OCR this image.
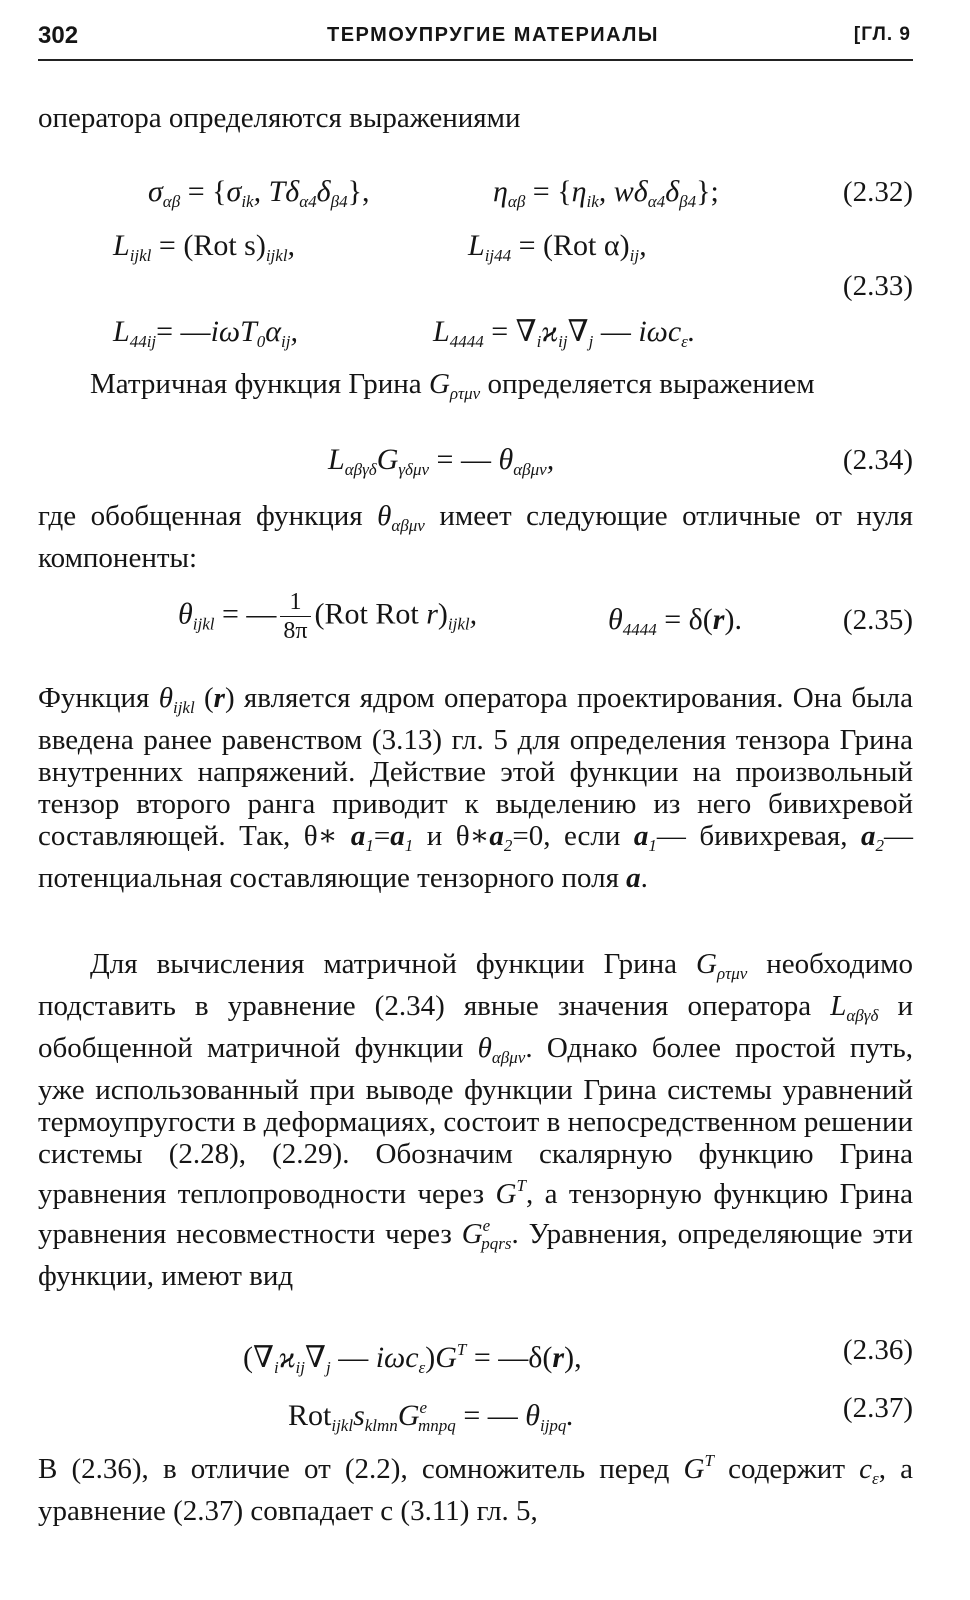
302	ТЕРМОУПРУГИЕ МАТЕРИАЛЫ	[ГЛ. 9

оператора определяются выражениями

$\sigma_{\alpha\beta} = \{\sigma_{ik}$, $T\delta_{\alpha 4}\delta_{\beta 4}$},	$\eta_{\alpha\beta} = \{\eta_{ik}$, $w\delta_{\alpha 4}\delta_{\beta 4}$};	(2.32)
$L_{ijkl} = (Rot$ $s)_{ijkl}$,	$L_{ij44} = (Rot$ $\alpha)_{ij}$,
$L_{44ij}=$ $—i\omega T_0\alpha_{ij}$,	$L_{4444} = \nabla_iϰ_{ij}\nabla_j$ — iωc$_\varepsilon$.
(2.33)

Матричная функция Грина $G_{\rho\tau\mu\nu}$ определяется выражением

$L_{\alpha\beta\gamma\delta}G_{\gamma\delta\mu\nu}$ = — $\theta_{\alpha\beta\mu\nu}$,	(2.34)

где обобщенная функция $\theta_{\alpha\beta\mu\nu}$ имеет следующие отличные от нуля компоненты:

$\theta_{ijkl}$ = — $\frac{1}{8\pi} (Rot$ Rot $r)_{ijkl}$,	$\theta_{4444} = \delta(r)$.	(2.35)

Функция $\theta_{ijkl}$ (r) является ядром оператора проектирования. Она была введена ранее равенством (3.13) гл. 5 для определения тензора Грина внутренних напряжений. Действие этой функции на произвольный тензор второго ранга приводит к выделению из него бивихревой составляющей. Так, θ∗ $a_1=a_1$ и $\theta∗a_2=0$, если $a_1—$ бивихревая, $a_2—$ потенциальная составляющие тензорного поля a.

Для вычисления матричной функции Грина $G_{\rho\tau\mu\nu}$ необходимо подставить в уравнение (2.34) явные значения оператора $L_{\alpha\beta\gamma\delta}$ и обобщенной матричной функции $\theta_{\alpha\beta\mu\nu}$. Однако более простой путь, уже использованный при выводе функции Грина системы уравнений термоупругости в деформациях, состоит в непосредственном решении системы (2.28), (2.29). Обозначим скалярную функцию Грина уравнения теплопроводности через $G^T$, а тензорную функцию Грина уравнения несовместности через $G^e_{pqrs}$. Уравнения, определяющие эти функции, имеют вид

($\nabla_iϰ_{ij}\nabla_j$ — $i\omega c_\varepsilon)G^T$ = —δ(r),	(2.36)
$Rot_{ijkl}s_{klmn}G^e_{mnpq}$ = — $\theta_{ijpq}$.	(2.37)

В (2.36), в отличие от (2.2), сомножитель перед $G^T$ содержит $c_\varepsilon$, а уравнение (2.37) совпадает с (3.11) гл. 5,
